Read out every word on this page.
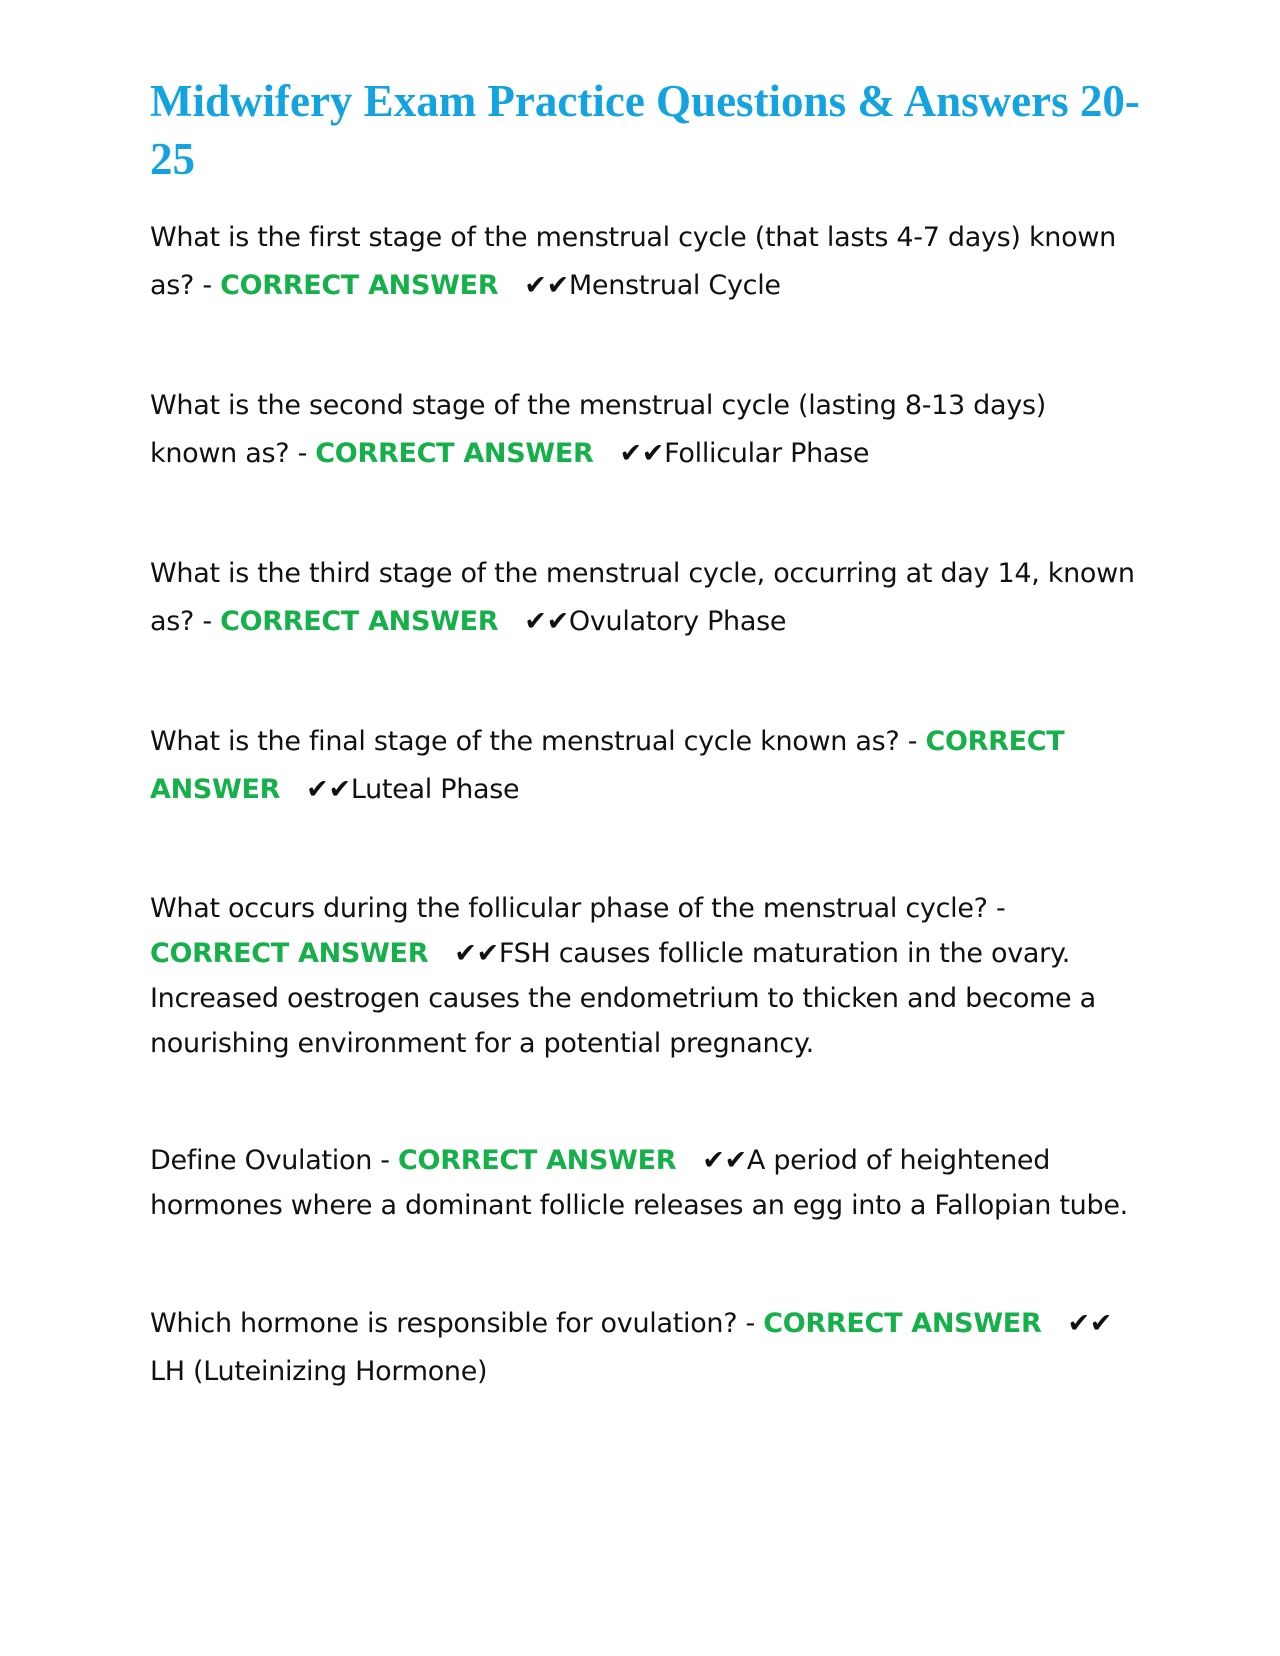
Midwifery Exam Practice Questions & Answers 20-25

What is the first stage of the menstrual cycle (that lasts 4-7 days) known as? - CORRECT ANSWER ✔✔Menstrual Cycle

What is the second stage of the menstrual cycle (lasting 8-13 days) known as? - CORRECT ANSWER ✔✔Follicular Phase

What is the third stage of the menstrual cycle, occurring at day 14, known as? - CORRECT ANSWER ✔✔Ovulatory Phase

What is the final stage of the menstrual cycle known as? - CORRECT ANSWER ✔✔Luteal Phase

What occurs during the follicular phase of the menstrual cycle? - CORRECT ANSWER ✔✔FSH causes follicle maturation in the ovary. Increased oestrogen causes the endometrium to thicken and become a nourishing environment for a potential pregnancy.

Define Ovulation - CORRECT ANSWER ✔✔A period of heightened hormones where a dominant follicle releases an egg into a Fallopian tube.

Which hormone is responsible for ovulation? - CORRECT ANSWER ✔✔LH (Luteinizing Hormone)
